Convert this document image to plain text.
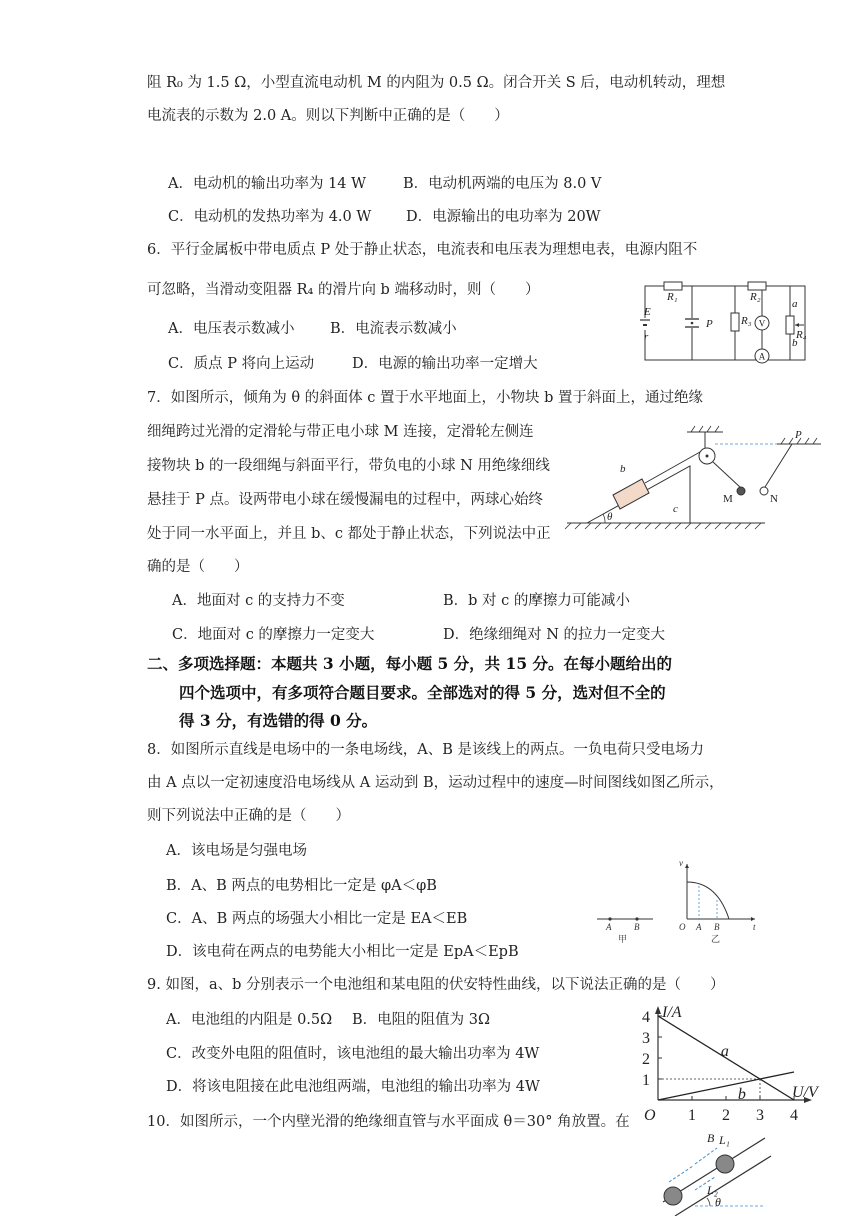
阻 R₀ 为 1.5 Ω，小型直流电动机 M 的内阻为 0.5 Ω。闭合开关 S 后，电动机转动，理想
电流表的示数为 2.0 A。则以下判断中正确的是（　　）
A．电动机的输出功率为 14 W	B．电动机两端的电压为 8.0 V
C．电动机的发热功率为 4.0 W D．电源输出的电功率为 20W
6．平行金属板中带电质点 P 处于静止状态，电流表和电压表为理想电表，电源内阻不
可忽略，当滑动变阻器 R₄ 的滑片向 b 端移动时，则（　　）
A．电压表示数减小 B．电流表示数减小
C．质点 P 将向上运动	D．电源的输出功率一定增大
R₁	R₂
R₃
R₄
E
r
P
a
b
V
A
7．如图所示，倾角为 θ 的斜面体 c 置于水平地面上，小物块 b 置于斜面上，通过绝缘
细绳跨过光滑的定滑轮与带正电小球 M 连接，定滑轮左侧连
接物块 b 的一段细绳与斜面平行，带负电的小球 N 用绝缘细线
悬挂于 P 点。设两带电小球在缓慢漏电的过程中，两球心始终
处于同一水平面上，并且 b、c 都处于静止状态，下列说法中正
确的是（　　）
A．地面对 c 的支持力不变	B．b 对 c 的摩擦力可能减小
C．地面对 c 的摩擦力一定变大	D．绝缘细绳对 N 的拉力一定变大
P
b
c
θ
M	N
二、多项选择题：本题共 3 小题，每小题 5 分，共 15 分。在每小题给出的
四个选项中，有多项符合题目要求。全部选对的得 5 分，选对但不全的
得 3 分，有选错的得 0 分。
8．如图所示直线是电场中的一条电场线，A、B 是该线上的两点。一负电荷只受电场力
由 A 点以一定初速度沿电场线从 A 运动到 B，运动过程中的速度—时间图线如图乙所示，
则下列说法中正确的是（　　）
A．该电场是匀强电场
B．A、B 两点的电势相比一定是 φA＜φB
C．A、B 两点的场强大小相比一定是 EA＜EB
D．该电荷在两点的电势能大小相比一定是 EpA＜EpB
A	B
甲
v
O A B	t
乙
9. 如图，a、b 分别表示一个电池组和某电阻的伏安特性曲线，以下说法正确的是（　　）
A．电池组的内阻是 0.5Ω B．电阻的阻值为 3Ω
C．改变外电阻的阻值时，该电池组的最大输出功率为 4W
D．将该电阻接在此电池组两端，电池组的输出功率为 4W
I/A
U/V
O 1 2 3 4
1
2
3
4
a
b
10．如图所示，一个内壁光滑的绝缘细直管与水平面成 θ＝30° 角放置。在
B L₁
L₂
θ
